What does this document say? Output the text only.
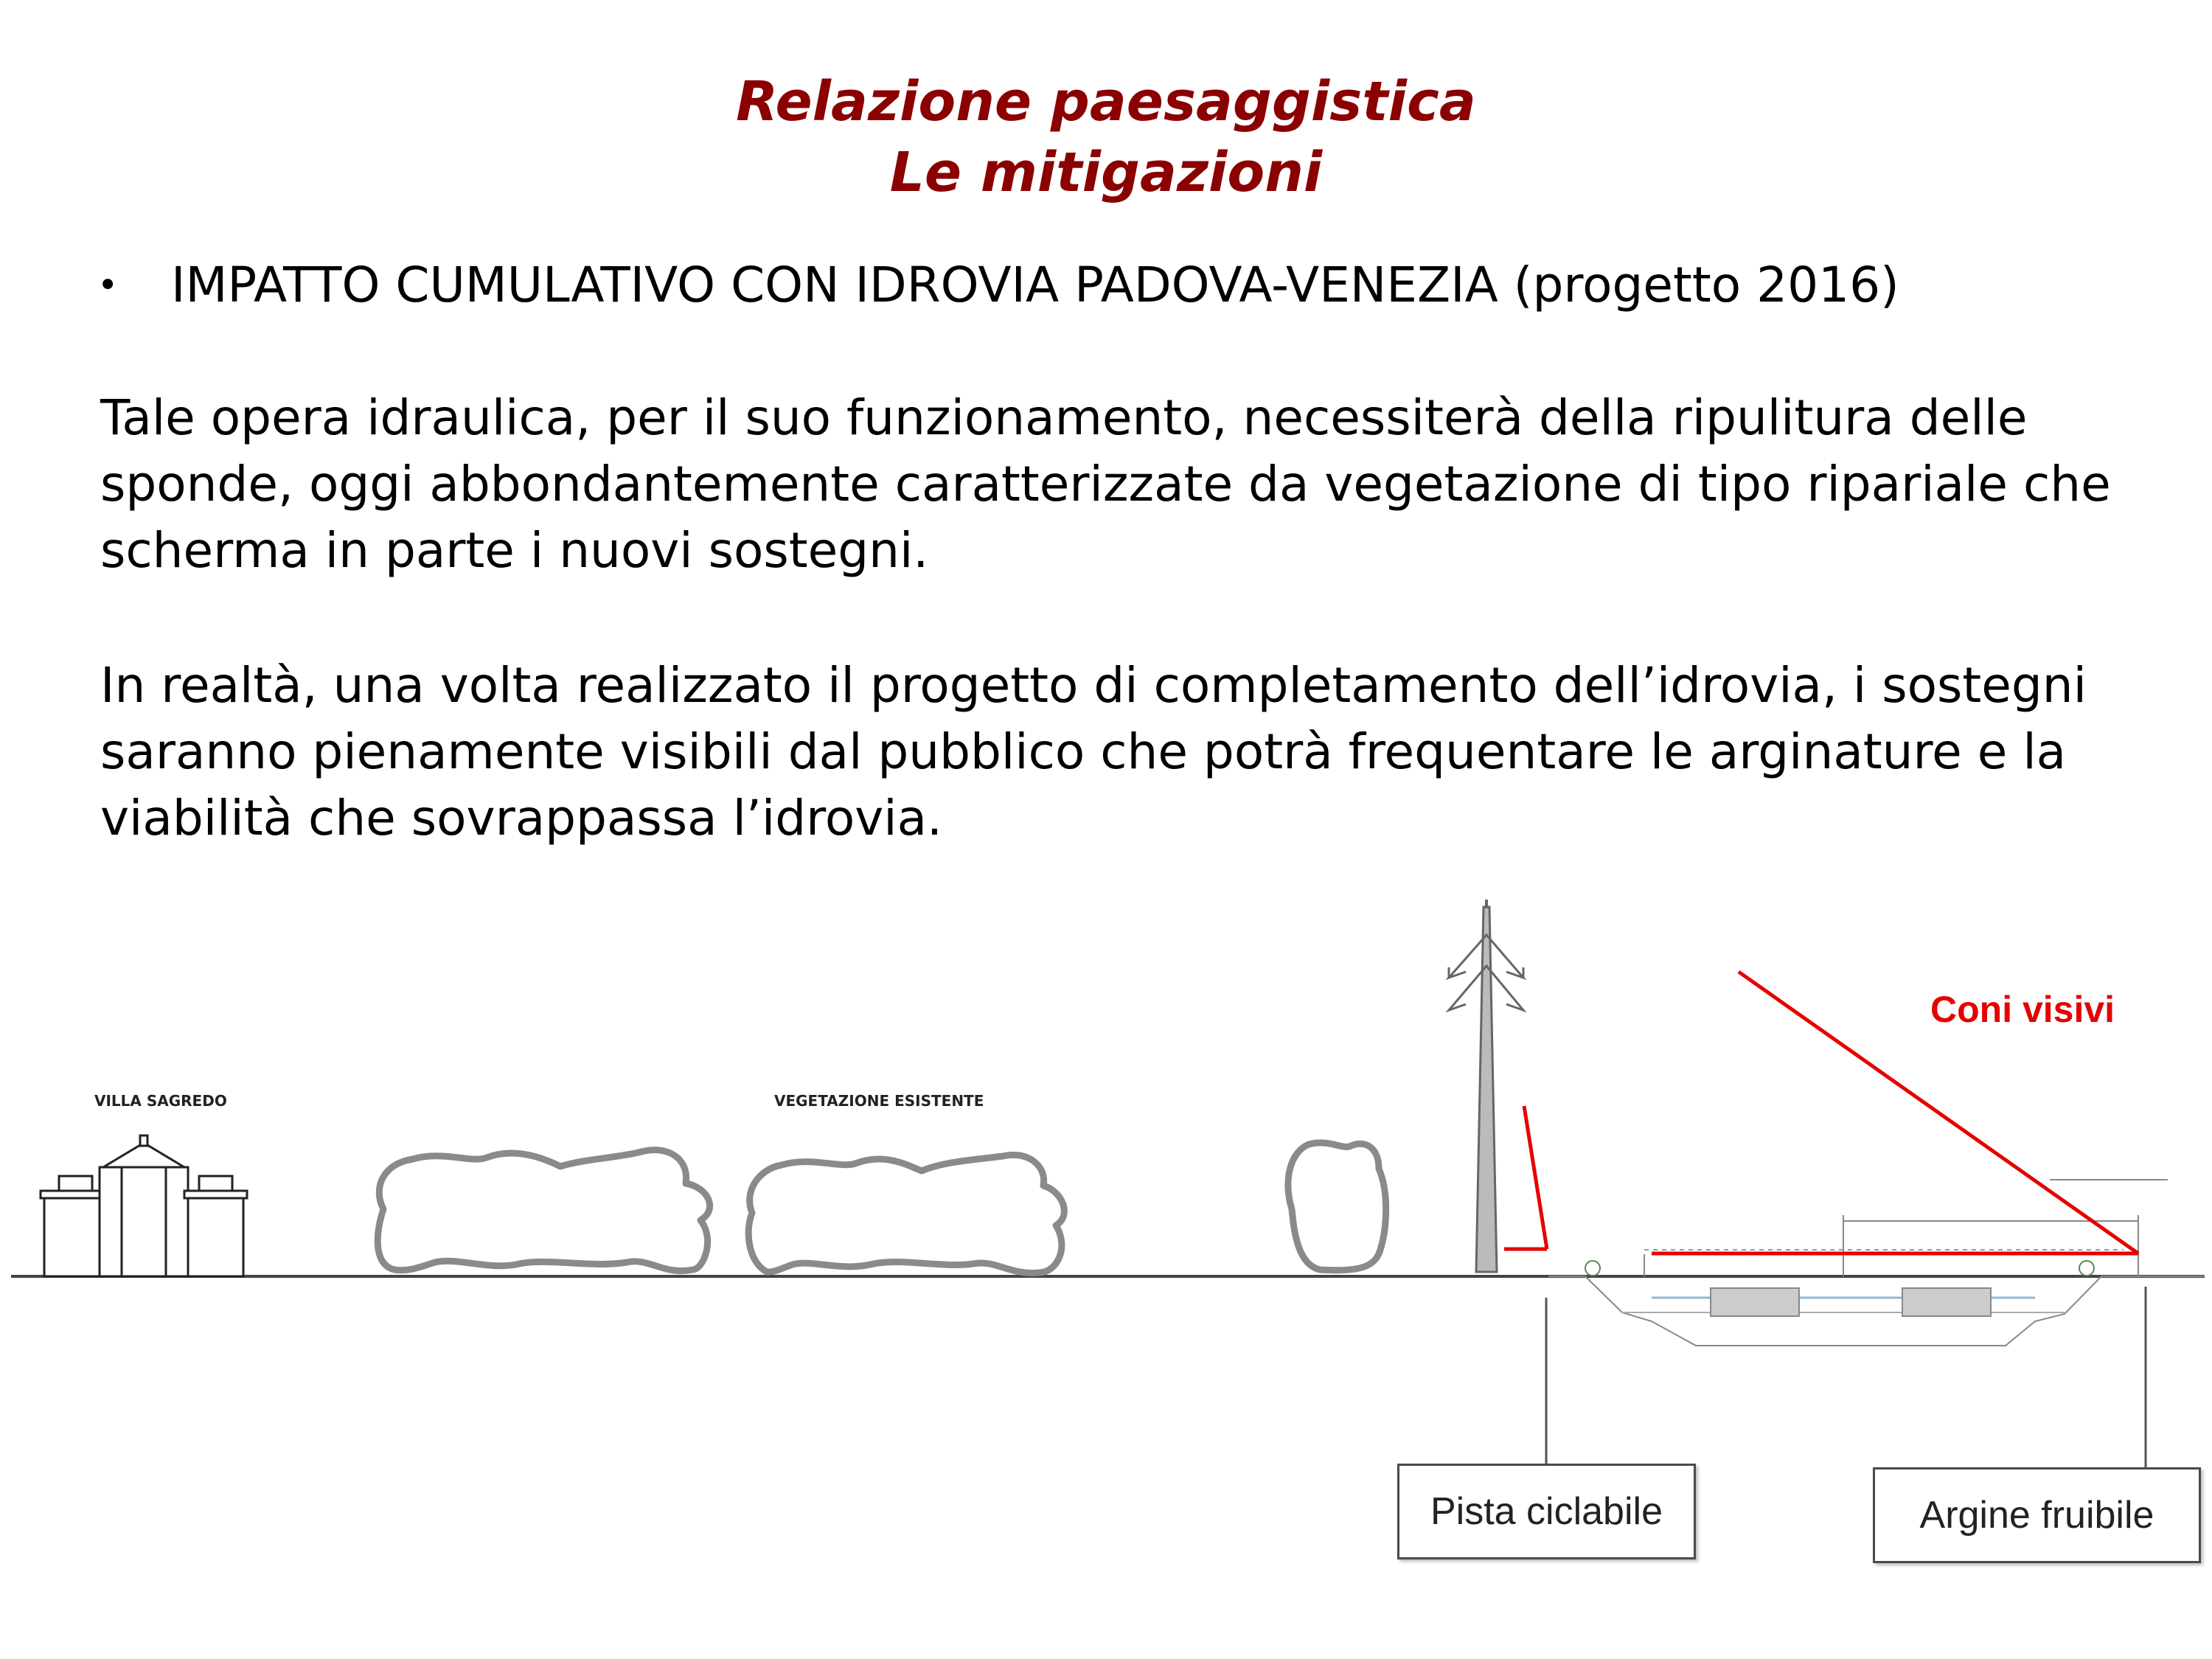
Relazione paesaggistica
Le mitigazioni
• IMPATTO CUMULATIVO CON IDROVIA PADOVA-VENEZIA (progetto 2016)

Tale opera idraulica, per il suo funzionamento, necessiterà della ripulitura delle sponde, oggi abbondantemente caratterizzate da vegetazione di tipo ripariale che scherma in parte i nuovi sostegni.

In realtà, una volta realizzato il progetto di completamento dell’idrovia, i sostegni saranno pienamente visibili dal pubblico che potrà frequentare le arginature e la viabilità che sovrappassa l’idrovia.

VILLA SAGREDO	VEGETAZIONE ESISTENTE
Coni visivi
Pista ciclabile	Argine fruibile
